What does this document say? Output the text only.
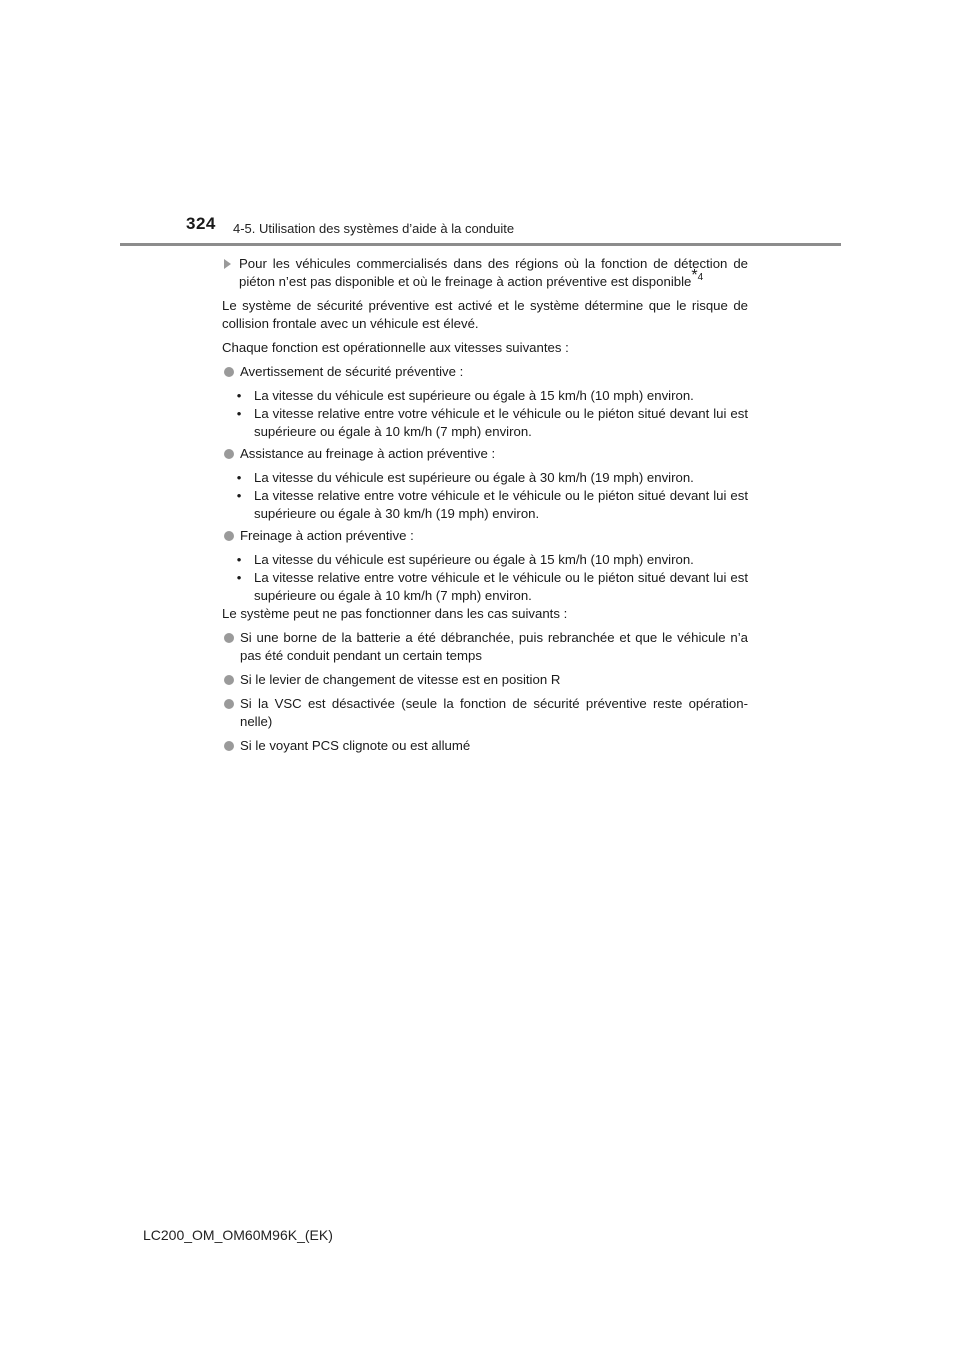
324 4-5. Utilisation des systèmes d’aide à la conduite

Pour les véhicules commercialisés dans des régions où la fonction de détection de piéton n’est pas disponible et où le freinage à action préventive est disponible$^{*4}$

Le système de sécurité préventive est activé et le système détermine que le risque de collision frontale avec un véhicule est élevé.

Chaque fonction est opérationnelle aux vitesses suivantes :

Avertissement de sécurité préventive :
• La vitesse du véhicule est supérieure ou égale à 15 km/h (10 mph) environ.
• La vitesse relative entre votre véhicule et le véhicule ou le piéton situé devant lui est supérieure ou égale à 10 km/h (7 mph) environ.
Assistance au freinage à action préventive :
• La vitesse du véhicule est supérieure ou égale à 30 km/h (19 mph) environ.
• La vitesse relative entre votre véhicule et le véhicule ou le piéton situé devant lui est supérieure ou égale à 30 km/h (19 mph) environ.
Freinage à action préventive :
• La vitesse du véhicule est supérieure ou égale à 15 km/h (10 mph) environ.
• La vitesse relative entre votre véhicule et le véhicule ou le piéton situé devant lui est supérieure ou égale à 10 km/h (7 mph) environ.

Le système peut ne pas fonctionner dans les cas suivants :

Si une borne de la batterie a été débranchée, puis rebranchée et que le véhicule n’a pas été conduit pendant un certain temps
Si le levier de changement de vitesse est en position R
Si la VSC est désactivée (seule la fonction de sécurité préventive reste opération-nelle)
Si le voyant PCS clignote ou est allumé
LC200_OM_OM60M96K_(EK)
